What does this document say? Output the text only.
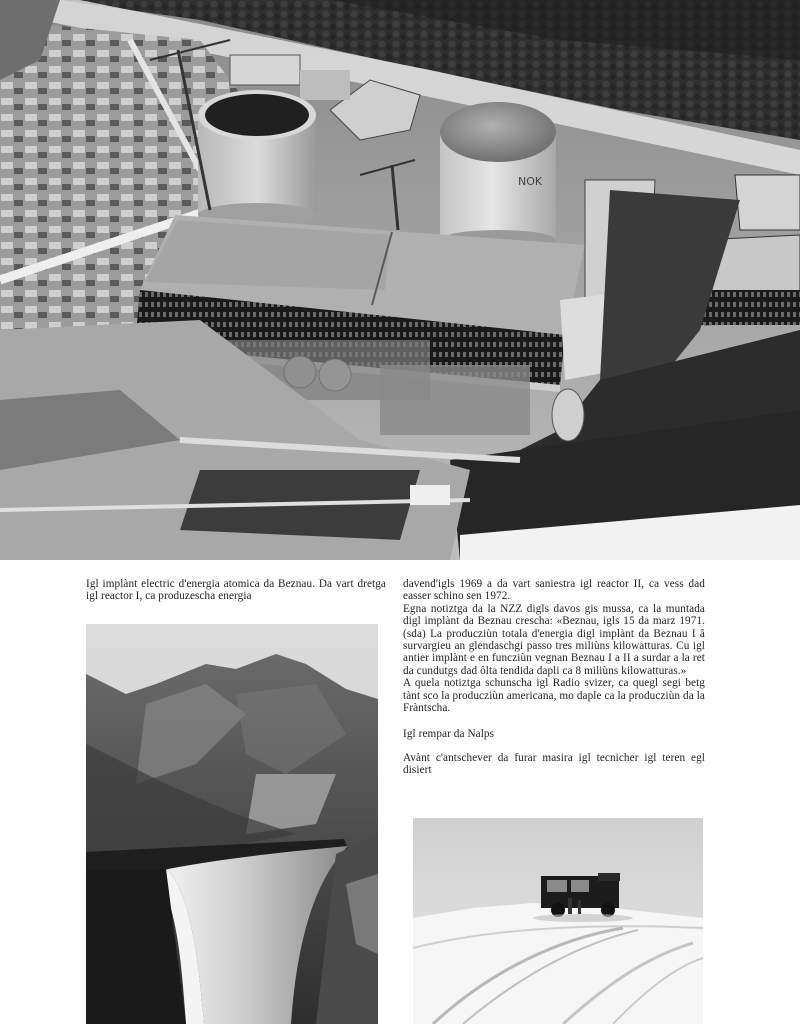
NOK
Igl implànt electric d'energia atomica da Beznau. Da vart dretga igl reactor I, ca produzescha energia

davend'igls 1969 a da vart saniestra igl reactor II, ca vess dad easser schino sen 1972.

Egna notiztga da la NZZ digls davos gis mussa, ca la muntada digl implànt da Beznau crescha: «Beznau, igls 15 da marz 1971. (sda) La producziùn totala d'energia digl implànt da Beznau I â survargieu an glendaschgi passo tres miliùns kilowatturas. Cu igl antier implànt e en funcziùn vegnan Beznau I a II a surdar a la ret da cundutgs dad ôlta tendida dapli ca 8 miliùns kilowatturas.»

A quela notiztga schunscha igl Radio svizer, ca quegl segi betg tànt sco la producziùn americana, mo daple ca la producziùn da la Fràntscha.

Igl rempar da Nalps

Avànt c'antschever da furar masira igl tecnicher igl teren egl disiert
